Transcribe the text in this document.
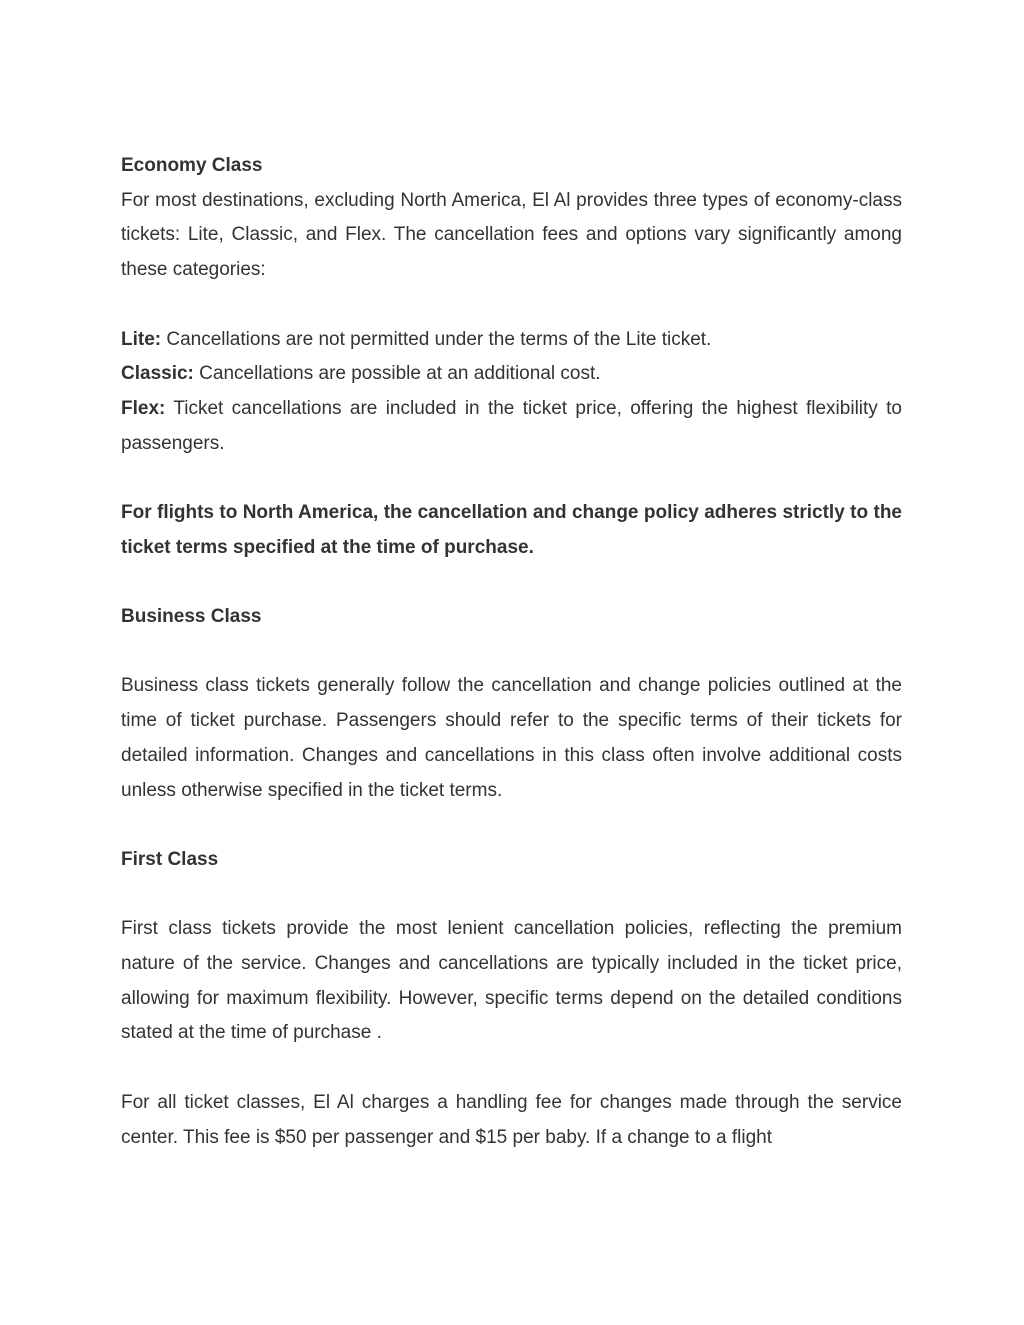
Economy Class

For most destinations, excluding North America, El Al provides three types of economy-class tickets: Lite, Classic, and Flex. The cancellation fees and options vary significantly among these categories:

Lite: Cancellations are not permitted under the terms of the Lite ticket.

Classic: Cancellations are possible at an additional cost.

Flex: Ticket cancellations are included in the ticket price, offering the highest flexibility to passengers.

For flights to North America, the cancellation and change policy adheres strictly to the ticket terms specified at the time of purchase.

Business Class

Business class tickets generally follow the cancellation and change policies outlined at the time of ticket purchase. Passengers should refer to the specific terms of their tickets for detailed information. Changes and cancellations in this class often involve additional costs unless otherwise specified in the ticket terms.

First Class

First class tickets provide the most lenient cancellation policies, reflecting the premium nature of the service. Changes and cancellations are typically included in the ticket price, allowing for maximum flexibility. However, specific terms depend on the detailed conditions stated at the time of purchase .

For all ticket classes, El Al charges a handling fee for changes made through the service center. This fee is $50 per passenger and $15 per baby. If a change to a flight
